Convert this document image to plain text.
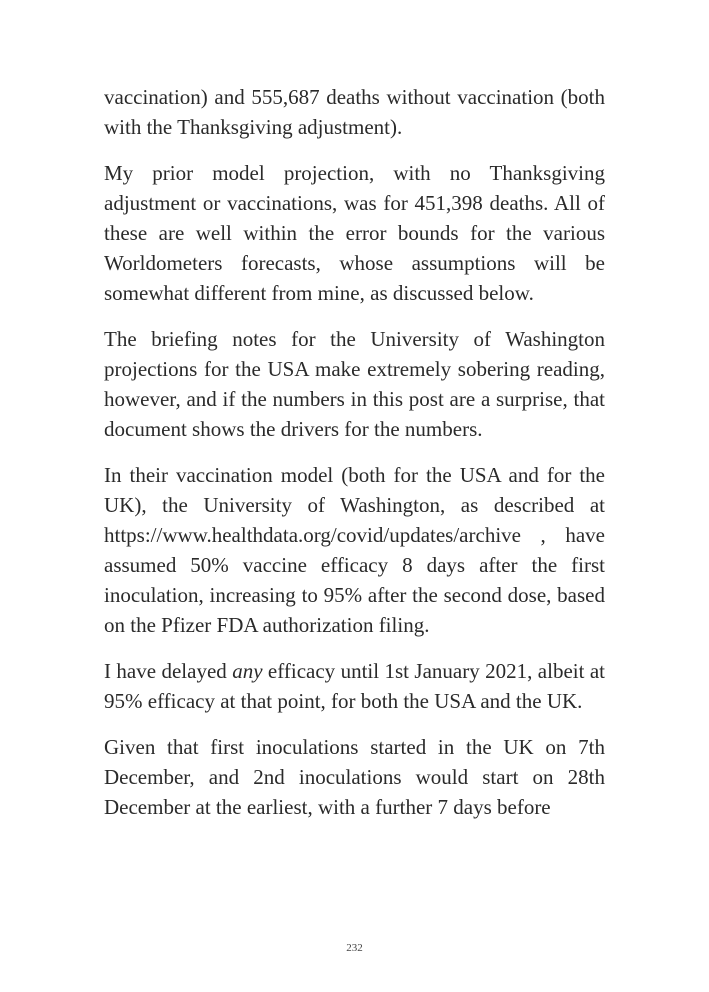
vaccination) and 555,687 deaths without vaccination (both with the Thanksgiving adjustment).

My prior model projection, with no Thanksgiving adjustment or vaccinations, was for 451,398 deaths. All of these are well within the error bounds for the various Worldometers forecasts, whose assumptions will be somewhat different from mine, as discussed below.

The briefing notes for the University of Washington projections for the USA make extremely sobering reading, however, and if the numbers in this post are a surprise, that document shows the drivers for the numbers.

In their vaccination model (both for the USA and for the UK), the University of Washington, as described at https://www.healthdata.org/covid/updates/archive , have assumed 50% vaccine efficacy 8 days after the first inoculation, increasing to 95% after the second dose, based on the Pfizer FDA authorization filing.

I have delayed any efficacy until 1st January 2021, albeit at 95% efficacy at that point, for both the USA and the UK.

Given that first inoculations started in the UK on 7th December, and 2nd inoculations would start on 28th December at the earliest, with a further 7 days before

232
